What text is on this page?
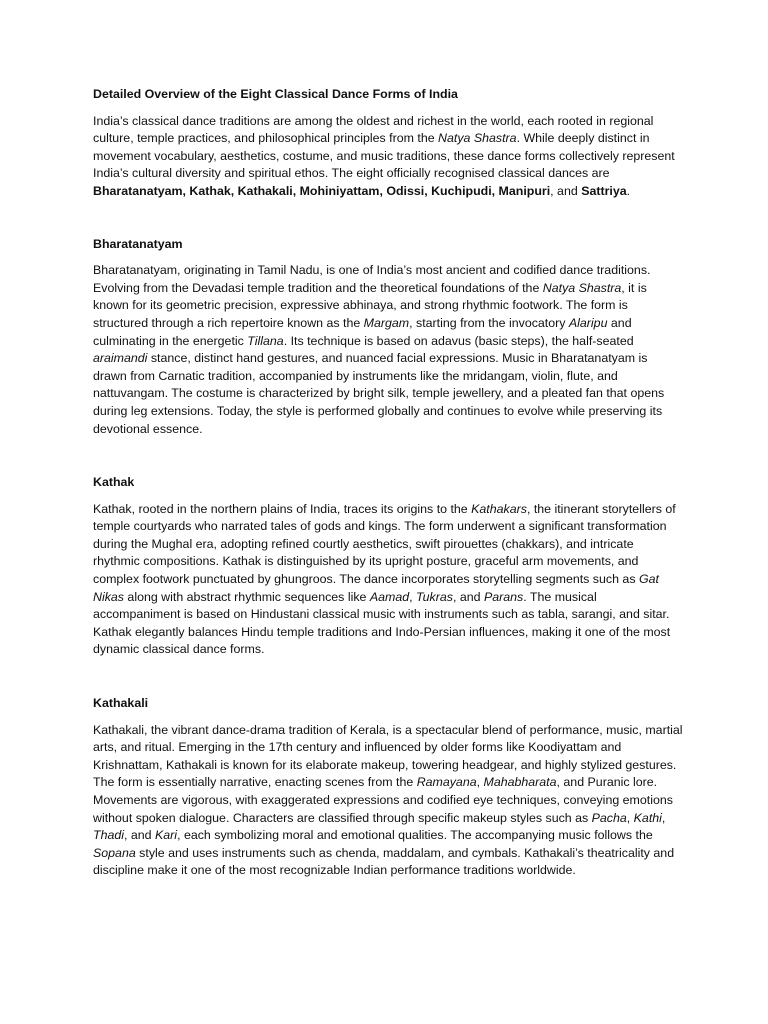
Detailed Overview of the Eight Classical Dance Forms of India

India’s classical dance traditions are among the oldest and richest in the world, each rooted in regional culture, temple practices, and philosophical principles from the Natya Shastra. While deeply distinct in movement vocabulary, aesthetics, costume, and music traditions, these dance forms collectively represent India’s cultural diversity and spiritual ethos. The eight officially recognised classical dances are Bharatanatyam, Kathak, Kathakali, Mohiniyattam, Odissi, Kuchipudi, Manipuri, and Sattriya.

Bharatanatyam

Bharatanatyam, originating in Tamil Nadu, is one of India’s most ancient and codified dance traditions. Evolving from the Devadasi temple tradition and the theoretical foundations of the Natya Shastra, it is known for its geometric precision, expressive abhinaya, and strong rhythmic footwork. The form is structured through a rich repertoire known as the Margam, starting from the invocatory Alaripu and culminating in the energetic Tillana. Its technique is based on adavus (basic steps), the half-seated araimandi stance, distinct hand gestures, and nuanced facial expressions. Music in Bharatanatyam is drawn from Carnatic tradition, accompanied by instruments like the mridangam, violin, flute, and nattuvangam. The costume is characterized by bright silk, temple jewellery, and a pleated fan that opens during leg extensions. Today, the style is performed globally and continues to evolve while preserving its devotional essence.

Kathak

Kathak, rooted in the northern plains of India, traces its origins to the Kathakars, the itinerant storytellers of temple courtyards who narrated tales of gods and kings. The form underwent a significant transformation during the Mughal era, adopting refined courtly aesthetics, swift pirouettes (chakkars), and intricate rhythmic compositions. Kathak is distinguished by its upright posture, graceful arm movements, and complex footwork punctuated by ghungroos. The dance incorporates storytelling segments such as Gat Nikas along with abstract rhythmic sequences like Aamad, Tukras, and Parans. The musical accompaniment is based on Hindustani classical music with instruments such as tabla, sarangi, and sitar. Kathak elegantly balances Hindu temple traditions and Indo-Persian influences, making it one of the most dynamic classical dance forms.

Kathakali

Kathakali, the vibrant dance-drama tradition of Kerala, is a spectacular blend of performance, music, martial arts, and ritual. Emerging in the 17th century and influenced by older forms like Koodiyattam and Krishnattam, Kathakali is known for its elaborate makeup, towering headgear, and highly stylized gestures. The form is essentially narrative, enacting scenes from the Ramayana, Mahabharata, and Puranic lore. Movements are vigorous, with exaggerated expressions and codified eye techniques, conveying emotions without spoken dialogue. Characters are classified through specific makeup styles such as Pacha, Kathi, Thadi, and Kari, each symbolizing moral and emotional qualities. The accompanying music follows the Sopana style and uses instruments such as chenda, maddalam, and cymbals. Kathakali’s theatricality and discipline make it one of the most recognizable Indian performance traditions worldwide.
